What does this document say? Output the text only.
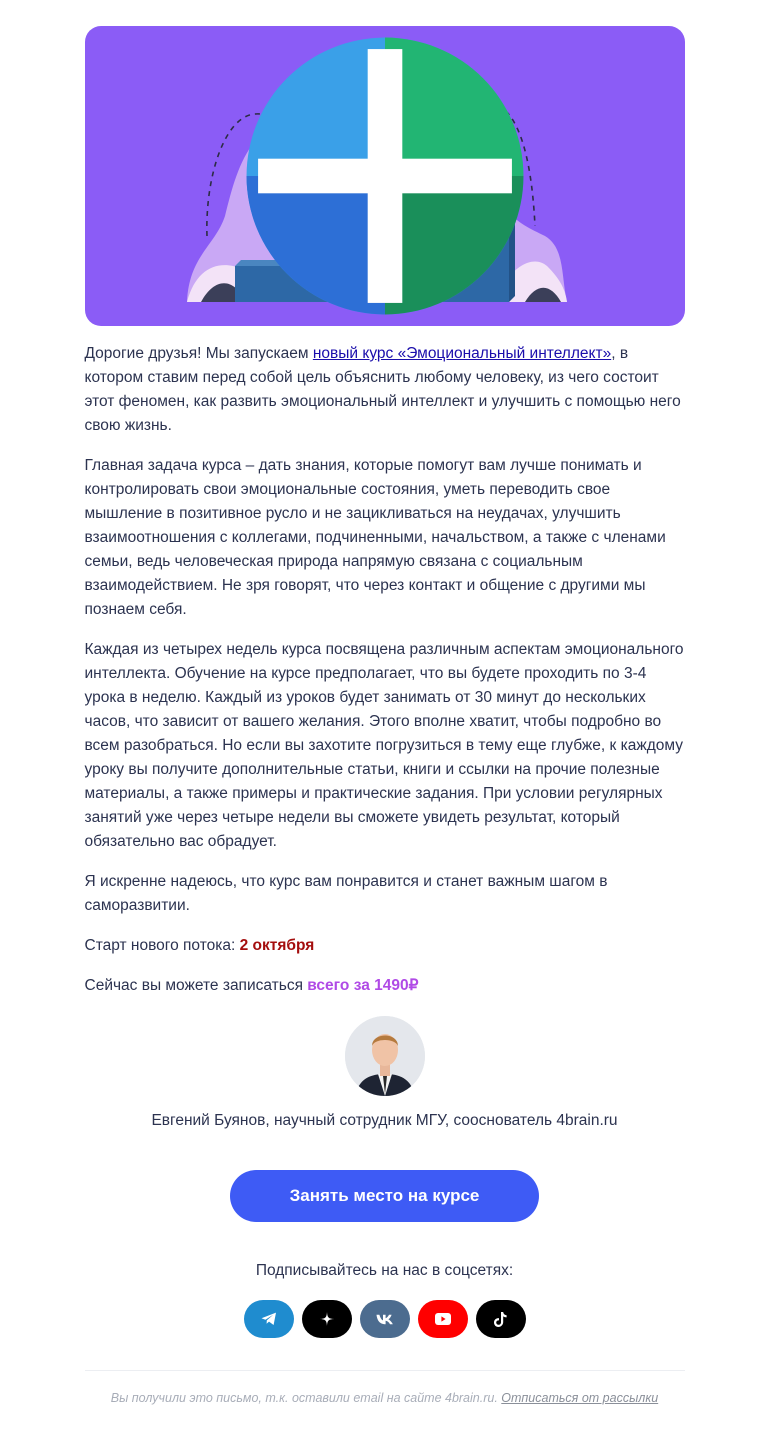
Дорогие друзья! Мы запускаем новый курс «Эмоциональный интеллект», в котором ставим перед собой цель объяснить любому человеку, из чего состоит этот феномен, как развить эмоциональный интеллект и улучшить с помощью него свою жизнь.

Главная задача курса – дать знания, которые помогут вам лучше понимать и контролировать свои эмоциональные состояния, уметь переводить свое мышление в позитивное русло и не зацикливаться на неудачах, улучшить взаимоотношения с коллегами, подчиненными, начальством, а также с членами семьи, ведь человеческая природа напрямую связана с социальным взаимодействием. Не зря говорят, что через контакт и общение с другими мы познаем себя.

Каждая из четырех недель курса посвящена различным аспектам эмоционального интеллекта. Обучение на курсе предполагает, что вы будете проходить по 3-4 урока в неделю. Каждый из уроков будет занимать от 30 минут до нескольких часов, что зависит от вашего желания. Этого вполне хватит, чтобы подробно во всем разобраться. Но если вы захотите погрузиться в тему еще глубже, к каждому уроку вы получите дополнительные статьи, книги и ссылки на прочие полезные материалы, а также примеры и практические задания. При условии регулярных занятий уже через четыре недели вы сможете увидеть результат, который обязательно вас обрадует.

Я искренне надеюсь, что курс вам понравится и станет важным шагом в саморазвитии.

Старт нового потока: 2 октября

Сейчас вы можете записаться всего за 1490₽

Евгений Буянов, научный сотрудник МГУ, сооснователь 4brain.ru
Занять место на курсе
Подписывайтесь на нас в соцсетях:
Вы получили это письмо, т.к. оставили email на сайте 4brain.ru. Отписаться от рассылки
